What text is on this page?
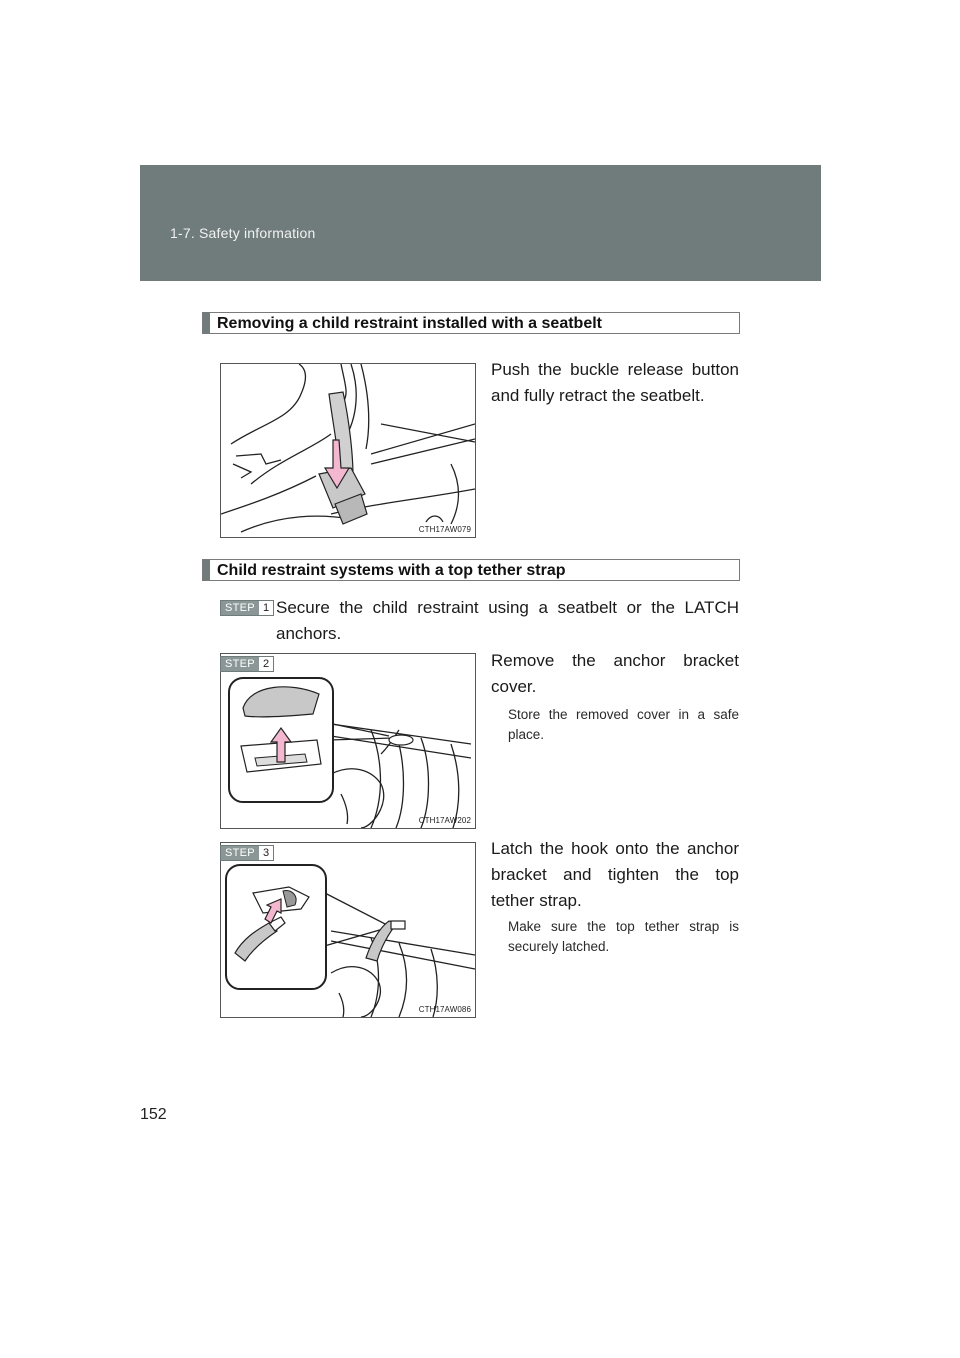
1-7. Safety information
Removing a child restraint installed with a seatbelt
CTH17AW079
Push the buckle release button and fully retract the seatbelt.
Child restraint systems with a top tether strap
STEP 1 Secure the child restraint using a seatbelt or the LATCH anchors.
CTH17AW202
STEP 2	Remove the anchor bracket cover.
Store the removed cover in a safe place.
CTH17AW086
STEP 3	Latch the hook onto the anchor bracket and tighten the top tether strap.
Make sure the top tether strap is securely latched.
152
